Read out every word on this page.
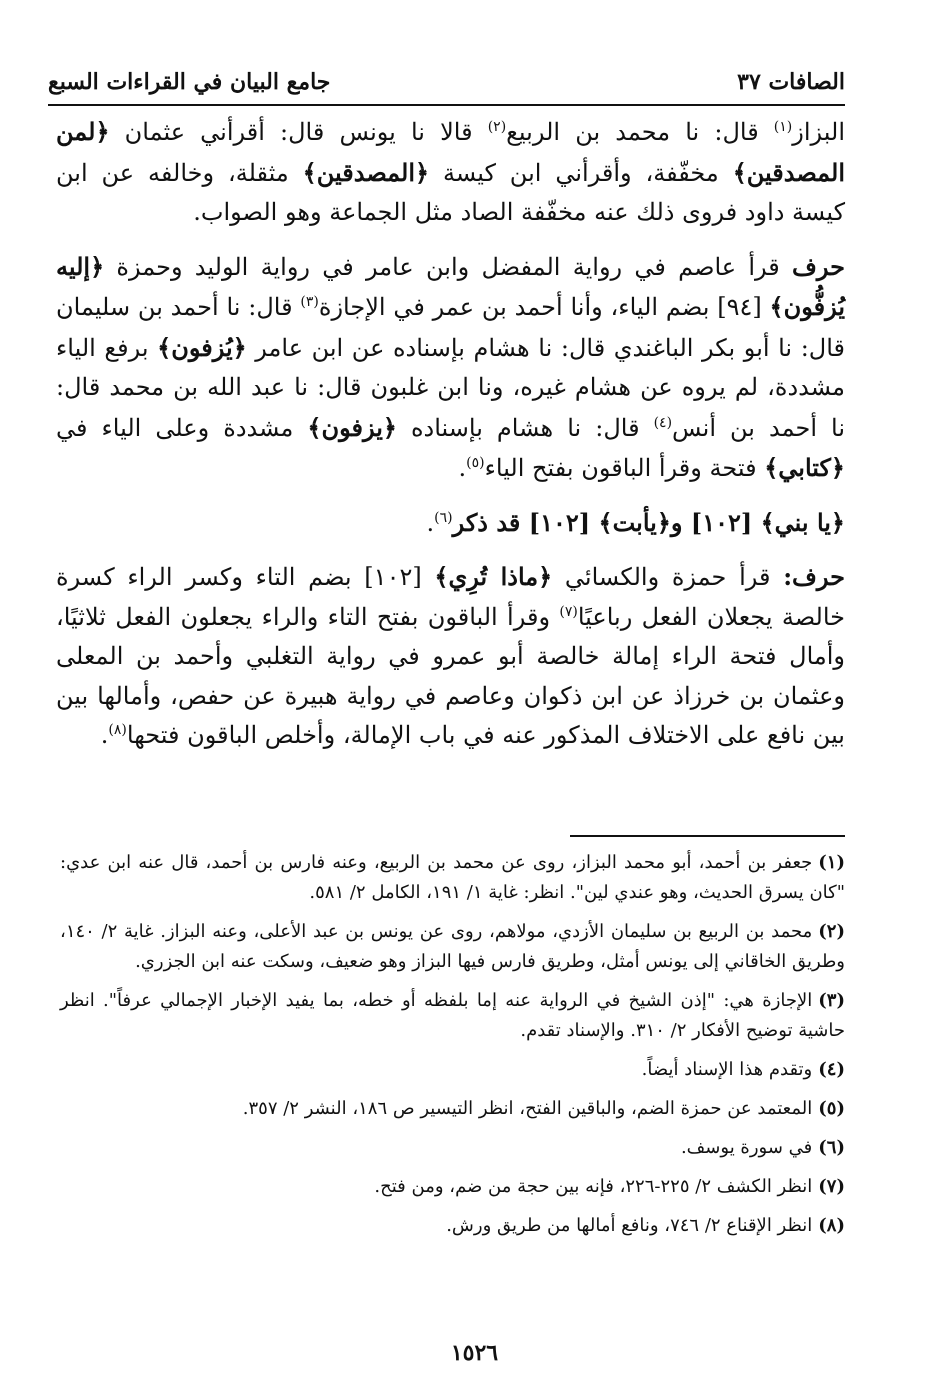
الصافات ٣٧
جامع البيان في القراءات السبع

البزاز$^{(١)}$ قال: نا محمد بن الربيع$^{(٢)}$ قالا نا يونس قال: أقرأني عثمان ﴿لمن المصدقين﴾ مخفّفة، وأقرأني ابن كيسة ﴿المصدقين﴾ مثقلة، وخالفه عن ابن كيسة داود فروى ذلك عنه مخفّفة الصاد مثل الجماعة وهو الصواب.

حرف قرأ عاصم في رواية المفضل وابن عامر في رواية الوليد وحمزة ﴿إليه يُزفُّون﴾ [٩٤] بضم الياء، وأنا أحمد بن عمر في الإجازة$^{(٣)}$ قال: نا أحمد بن سليمان قال: نا أبو بكر الباغندي قال: نا هشام بإسناده عن ابن عامر ﴿يُزفون﴾ برفع الياء مشددة، لم يروه عن هشام غيره، ونا ابن غلبون قال: نا عبد الله بن محمد قال: نا أحمد بن أنس$^{(٤)}$ قال: نا هشام بإسناده ﴿يزفون﴾ مشددة وعلى الياء في ﴿كتابي﴾ فتحة وقرأ الباقون بفتح الياء$^{(٥)}$.

﴿يا بني﴾ [١٠٢] و﴿يأبت﴾ [١٠٢] قد ذكر$^{(٦)}$.

حرف: قرأ حمزة والكسائي ﴿ماذا تُرِي﴾ [١٠٢] بضم التاء وكسر الراء كسرة خالصة يجعلان الفعل رباعيًا$^{(٧)}$ وقرأ الباقون بفتح التاء والراء يجعلون الفعل ثلاثيًا، وأمال فتحة الراء إمالة خالصة أبو عمرو في رواية التغلبي وأحمد بن المعلى وعثمان بن خرزاذ عن ابن ذكوان وعاصم في رواية هبيرة عن حفص، وأمالها بين بين نافع على الاختلاف المذكور عنه في باب الإمالة، وأخلص الباقون فتحها$^{(٨)}$.

(١)جعفر بن أحمد، أبو محمد البزاز، روى عن محمد بن الربيع، وعنه فارس بن أحمد، قال عنه ابن عدي: "كان يسرق الحديث، وهو عندي لين". انظر: غاية ١/ ١٩١، الكامل ٢/ ٥٨١.

(٢)محمد بن الربيع بن سليمان الأزدي، مولاهم، روى عن يونس بن عبد الأعلى، وعنه البزاز. غاية ٢/ ١٤٠، وطريق الخاقاني إلى يونس أمثل، وطريق فارس فيها البزاز وهو ضعيف، وسكت عنه ابن الجزري.

(٣)الإجازة هي: "إذن الشيخ في الرواية عنه إما بلفظه أو خطه، بما يفيد الإخبار الإجمالي عرفاً". انظر حاشية توضيح الأفكار ٢/ ٣١٠. والإسناد تقدم.

(٤)وتقدم هذا الإسناد أيضاً.

(٥)المعتمد عن حمزة الضم، والباقين الفتح، انظر التيسير ص ١٨٦، النشر ٢/ ٣٥٧.

(٦)في سورة يوسف.

(٧)انظر الكشف ٢/ ٢٢٥-٢٢٦، فإنه بين حجة من ضم، ومن فتح.

(٨)انظر الإقناع ٢/ ٧٤٦، ونافع أمالها من طريق ورش.

١٥٢٦
